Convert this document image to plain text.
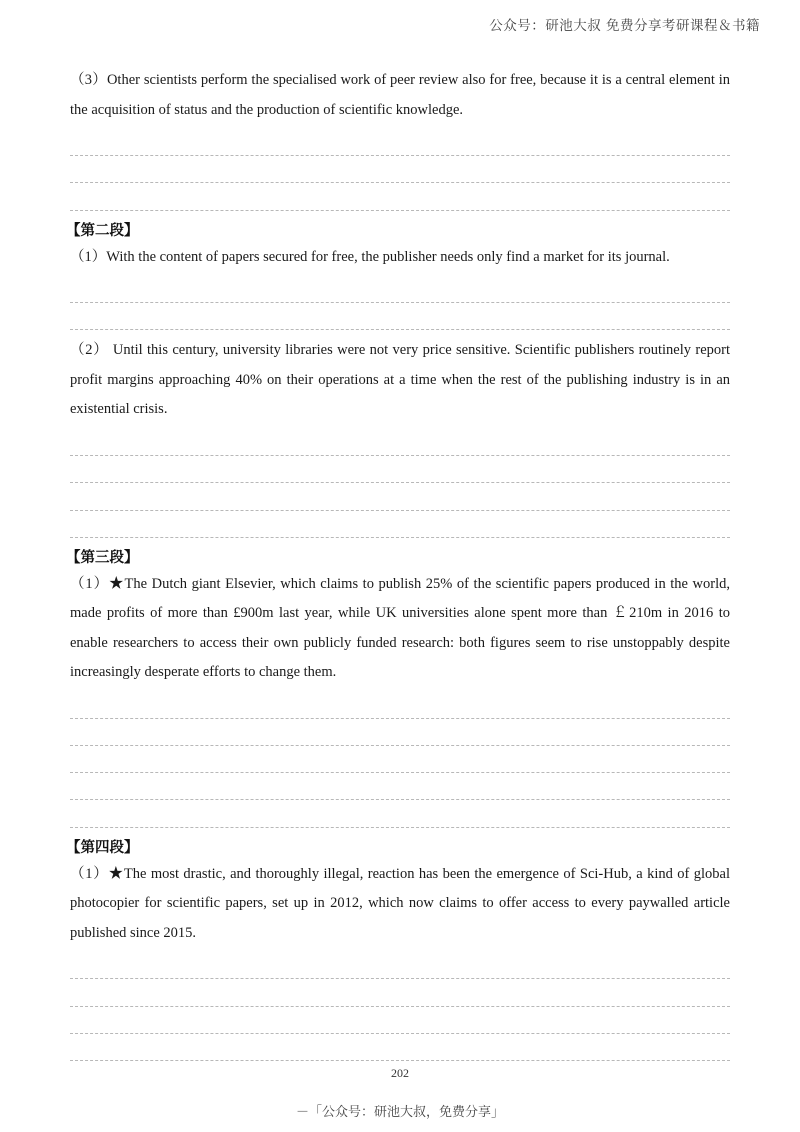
公众号：研池大叔 免费分享考研课程＆书籍

（3）Other scientists perform the specialised work of peer review also for free, because it is a central element in the acquisition of status and the production of scientific knowledge.

【第二段】

（1）With the content of papers secured for free, the publisher needs only find a market for its journal.

（2） Until this century, university libraries were not very price sensitive. Scientific publishers routinely report profit margins approaching 40% on their operations at a time when the rest of the publishing industry is in an existential crisis.

【第三段】

（1）★The Dutch giant Elsevier, which claims to publish 25% of the scientific papers produced in the world, made profits of more than £900m last year, while UK universities alone spent more than ￡210m in 2016 to enable researchers to access their own publicly funded research: both figures seem to rise unstoppably despite increasingly desperate efforts to change them.

【第四段】

（1）★The most drastic, and thoroughly illegal, reaction has been the emergence of Sci-Hub, a kind of global photocopier for scientific papers, set up in 2012, which now claims to offer access to every paywalled article published since 2015.

202
－「公众号：研池大叔，免费分享」
